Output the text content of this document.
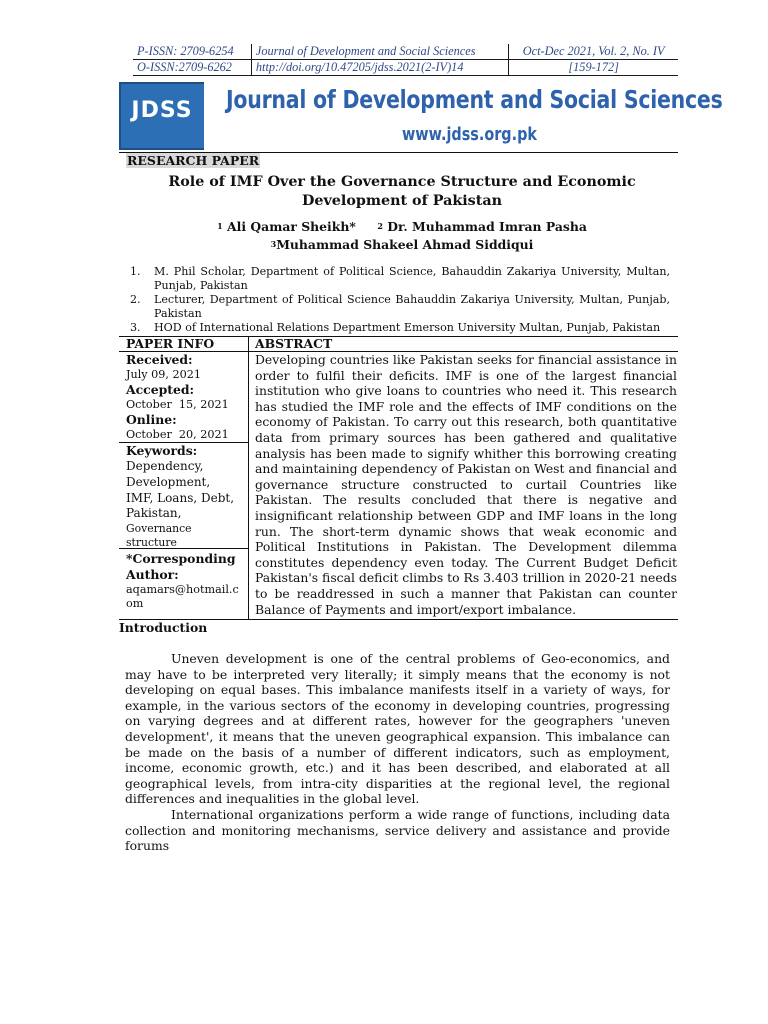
P-ISSN: 2709-6254	Journal of Development and Social Sciences	Oct-Dec 2021, Vol. 2, No. IV
O-ISSN:2709-6262	http://doi.org/10.47205/jdss.2021(2-IV)14	[159-172]
JDSS	Journal of Development and Social Sciences
www.jdss.org.pk
RESEARCH PAPER
Role of IMF Over the Governance Structure and Economic
Development of Pakistan
$^1$ Ali Qamar Sheikh*	$^2$ Dr. Muhammad Imran Pasha
$^3$Muhammad Shakeel Ahmad Siddiqui
1. M. Phil Scholar, Department of Political Science, Bahauddin Zakariya University, Multan, Punjab, Pakistan
2. Lecturer, Department of Political Science Bahauddin Zakariya University, Multan, Punjab, Pakistan
3. HOD of International Relations Department Emerson University Multan, Punjab, Pakistan
PAPER INFO	ABSTRACT
Received:
July 09, 2021
Accepted:
October  15, 2021
Online:
October  20, 2021
Keywords:
Dependency,
Development,
IMF, Loans, Debt,
Pakistan,
Governance
structure
*Corresponding
Author:
aqamars@hotmail.c
om

Developing countries like Pakistan seeks for financial assistance in order to fulfil their deficits. IMF is one of the largest financial institution who give loans to countries who need it. This research has studied the IMF role and the effects of IMF conditions on the economy of Pakistan. To carry out this research, both quantitative data from primary sources has been gathered and qualitative analysis has been made to signify whither this borrowing creating and maintaining dependency of Pakistan on West and financial and governance structure constructed to curtail Countries like Pakistan. The results concluded that there is negative and insignificant relationship between GDP and IMF loans in the long run. The short-term dynamic shows that weak economic and Political Institutions in Pakistan. The Development dilemma constitutes dependency even today. The Current Budget Deficit Pakistan's fiscal deficit climbs to Rs 3.403 trillion in 2020-21 needs to be readdressed in such a manner that Pakistan can counter Balance of Payments and import/export imbalance.

Introduction

Uneven development is one of the central problems of Geo-economics, and may have to be interpreted very literally; it simply means that the economy is not developing on equal bases. This imbalance manifests itself in a variety of ways, for example, in the various sectors of the economy in developing countries, progressing on varying degrees and at different rates, however for the geographers 'uneven development', it means that the uneven geographical expansion. This imbalance can be made on the basis of a number of different indicators, such as employment, income, economic growth, etc.) and it has been described, and elaborated at all geographical levels, from intra-city disparities at the regional level, the regional differences and inequalities in the global level.

International organizations perform a wide range of functions, including data collection and monitoring mechanisms, service delivery and assistance and provide forums
